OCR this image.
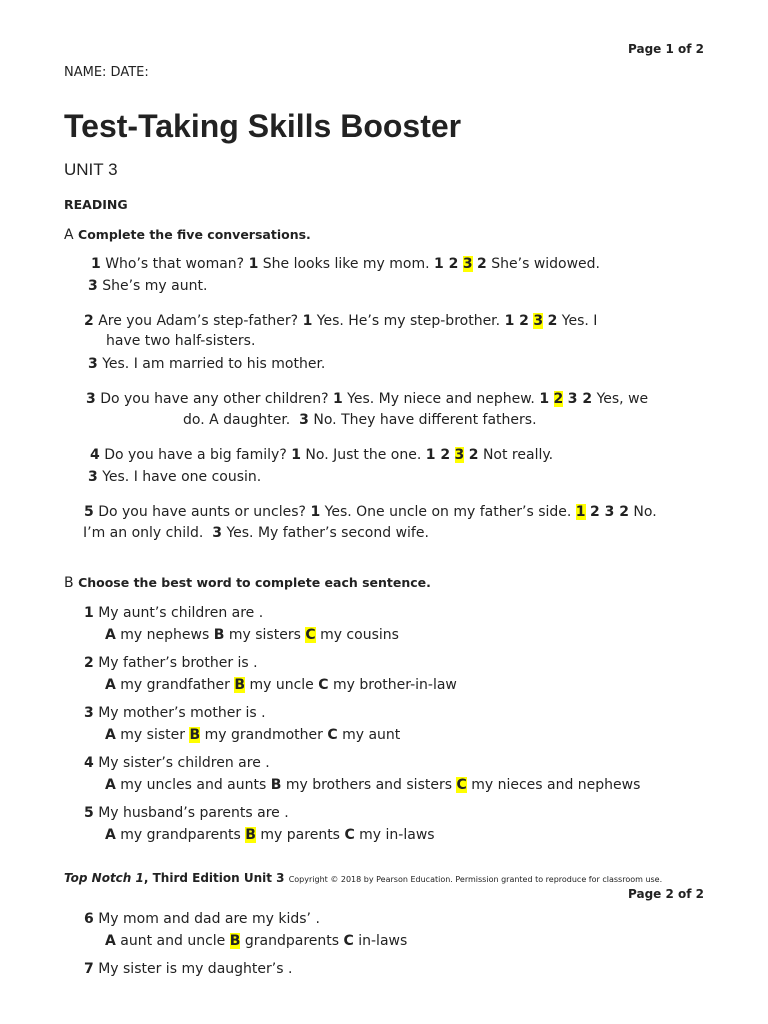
Page 1 of 2
NAME: DATE:
Test-Taking Skills Booster
UNIT 3
READING
A Complete the five conversations.
1 Who’s that woman? 1 She looks like my mom. 1 2 3 2 She’s widowed.
3 She’s my aunt.
2 Are you Adam’s step-father? 1 Yes. He’s my step-brother. 1 2 3 2 Yes. I
have two half-sisters.
3 Yes. I am married to his mother.
3 Do you have any other children? 1 Yes. My niece and nephew. 1 2 3 2 Yes, we
do. A daughter. 3 No. They have different fathers.
4 Do you have a big family? 1 No. Just the one. 1 2 3 2 Not really.
3 Yes. I have one cousin.
5 Do you have aunts or uncles? 1 Yes. One uncle on my father’s side. 1 2 3 2 No.
I’m an only child. 3 Yes. My father’s second wife.
B Choose the best word to complete each sentence.
1 My aunt’s children are .
A my nephews B my sisters C my cousins
2 My father’s brother is .
A my grandfather B my uncle C my brother-in-law
3 My mother’s mother is .
A my sister B my grandmother C my aunt
4 My sister’s children are .
A my uncles and aunts B my brothers and sisters C my nieces and nephews
5 My husband’s parents are .
A my grandparents B my parents C my in-laws
Top Notch 1, Third Edition Unit 3 Copyright © 2018 by Pearson Education. Permission granted to reproduce for classroom use.
Page 2 of 2
6 My mom and dad are my kids’ .
A aunt and uncle B grandparents C in-laws
7 My sister is my daughter’s .
